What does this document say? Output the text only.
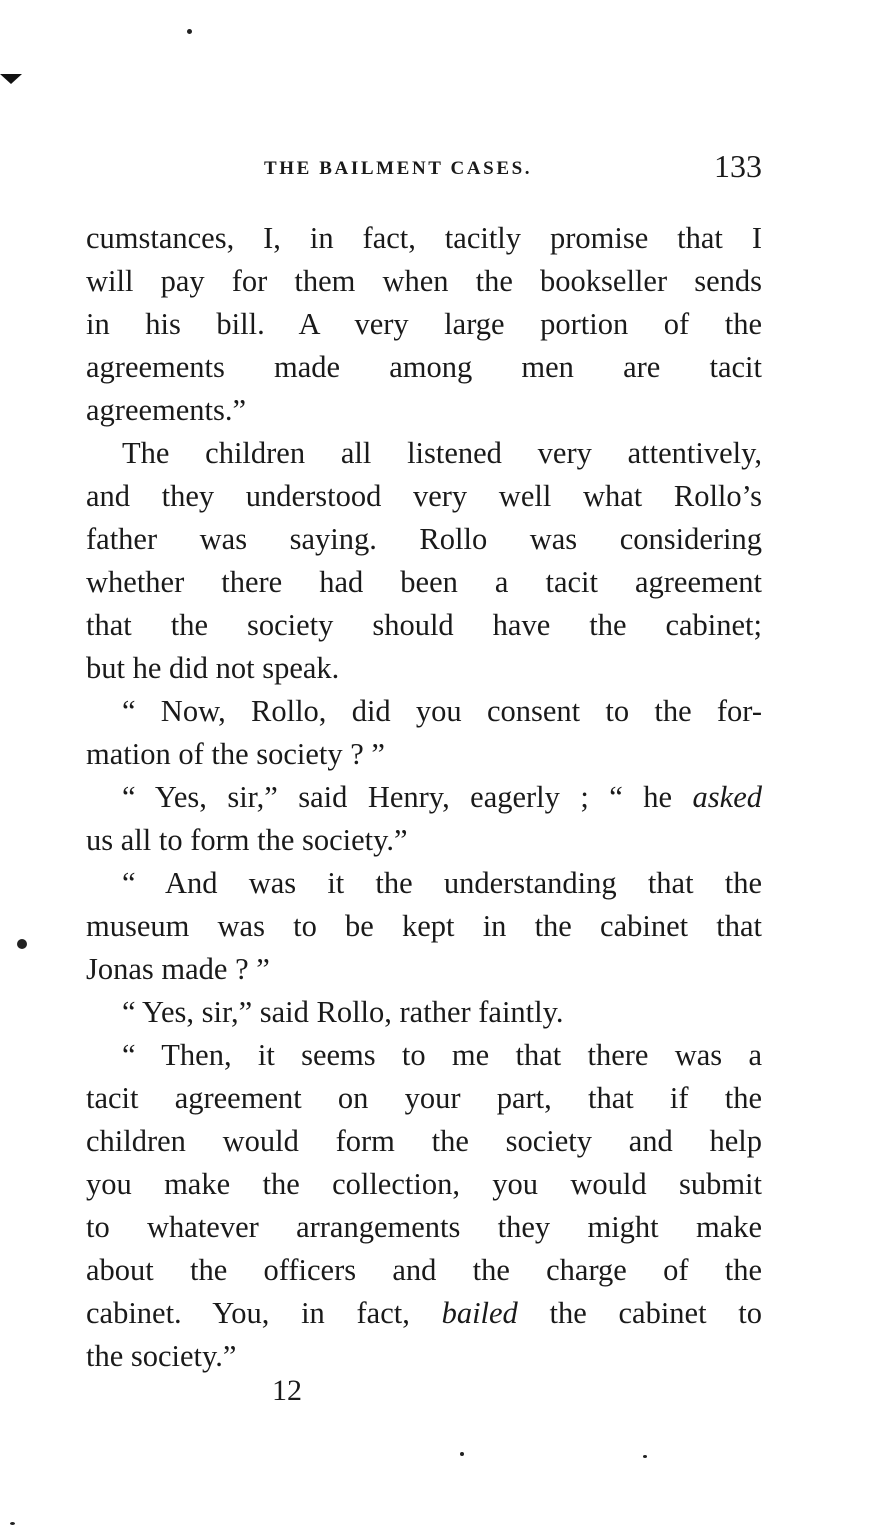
THE BAILMENT CASES.	133

cumstances, I, in fact, tacitly promise that I
will pay for them when the bookseller sends
in his bill. A very large portion of the
agreements made among men are tacit
agreements.”

The children all listened very attentively,
and they understood very well what Rollo’s
father was saying. Rollo was considering
whether there had been a tacit agreement
that the society should have the cabinet;
but he did not speak.

“ Now, Rollo, did you consent to the for-
mation of the society ? ”

“ Yes, sir,” said Henry, eagerly ; “ he asked
us all to form the society.”

“ And was it the understanding that the
museum was to be kept in the cabinet that
Jonas made ? ”

“ Yes, sir,” said Rollo, rather faintly.

“ Then, it seems to me that there was a
tacit agreement on your part, that if the
children would form the society and help
you make the collection, you would submit
to whatever arrangements they might make
about the officers and the charge of the
cabinet. You, in fact, bailed the cabinet to
the society.”

12
